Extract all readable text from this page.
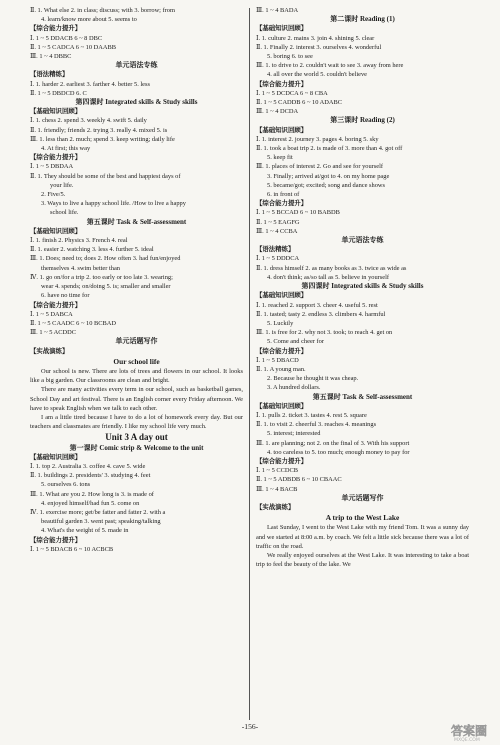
Ⅱ. 1. What else 2. in class; discuss; with 3. borrow; from
4. learn/know more about 5. seems to
【综合能力提升】
Ⅰ. 1 ~ 5 DDACB 6 ~ 8 DBC
Ⅱ. 1 ~ 5 CADCA 6 ~ 10 DAABB
Ⅲ. 1 ~ 4 DBBC
单元语法专练
【语法精练】
Ⅰ. 1. harder 2. earliest 3. farther 4. better 5. less
Ⅱ. 1 ~ 5 DBDCD 6. C
第四课时 Integrated skills & Study skills
【基础知识回顾】
Ⅰ. 1. chess 2. spend 3. weekly 4. swift 5. daily
Ⅱ. 1. friendly; friends 2. trying 3. really 4. mixed 5. is
Ⅲ. 1. less than 2. much; spend 3. keep writing; daily life
4. At first; this way
【综合能力提升】
Ⅰ. 1 ~ 5 DBDAA
Ⅱ. 1. They should be some of the best and happiest days of
your life.
2. Five/5.
3. Ways to live a happy school life. /How to live a happy
school life.
第五课时 Task & Self-assessment
【基础知识回顾】
Ⅰ. 1. finish 2. Physics 3. French 4. real
Ⅱ. 1. easier 2. watching 3. less 4. further 5. ideal
Ⅲ. 1. Does; need to; does 2. How often 3. had fun/enjoyed
themselves 4. swim better than
Ⅳ. 1. go on/for a trip 2. too early or too late 3. wearing;
wear 4. spends; on/doing 5. is; smaller and smaller
6. have no time for
【综合能力提升】
Ⅰ. 1 ~ 5 DABCA
Ⅱ. 1 ~ 5 CAADC 6 ~ 10 BCBAD
Ⅲ. 1 ~ 5 ACDDC
单元话题写作
【实战演练】
Our school life
Our school is new. There are lots of trees and flowers in our school. It looks like a big garden. Our classrooms are clean and bright.
There are many activities every term in our school, such as basketball games, School Day and art festival. There is an English corner every Friday afternoon. We have to speak English when we talk to each other.
I am a little tired because I have to do a lot of homework every day. But our teachers and classmates are friendly. I like my school life very much.
Unit 3 A day out
第一课时 Comic strip & Welcome to the unit
【基础知识回顾】
Ⅰ. 1. top 2. Australia 3. coffee 4. cave 5. wide
Ⅱ. 1. buildings 2. presidents' 3. studying 4. feet
5. ourselves 6. tons
Ⅲ. 1. What are you 2. How long is 3. is made of
4. enjoyed himself/had fun 5. come on
Ⅳ. 1. exercise more; get/be fatter and fatter 2. with a
beautiful garden 3. went past; speaking/talking
4. What's the weight of 5. made in
【综合能力提升】
Ⅰ. 1 ~ 5 BDACB 6 ~ 10 ACBCB
Ⅲ. 1 ~ 4 BADA
第二课时 Reading (1)
【基础知识回顾】
Ⅰ. 1. culture 2. mains 3. join 4. shining 5. clear
Ⅱ. 1. Finally 2. interest 3. ourselves 4. wonderful
5. boring 6. to see
Ⅲ. 1. to drive to 2. couldn't wait to see 3. away from here
4. all over the world 5. couldn't believe
【综合能力提升】
Ⅰ. 1 ~ 5 DCDCA 6 ~ 8 CBA
Ⅱ. 1 ~ 5 CADDB 6 ~ 10 ADABC
Ⅲ. 1 ~ 4 DCDA
第三课时 Reading (2)
【基础知识回顾】
Ⅰ. 1. interest 2. journey 3. pages 4. boring 5. sky
Ⅱ. 1. took a boat trip 2. is made of 3. more than 4. got off
5. keep fit
Ⅲ. 1. places of interest 2. Go and see for yourself
3. Finally; arrived at/got to 4. on my home page
5. became/got; excited; song and dance shows
6. in front of
【综合能力提升】
Ⅰ. 1 ~ 5 BCCAD 6 ~ 10 BABDB
Ⅱ. 1 ~ 5 EAGFG
Ⅲ. 1 ~ 4 CCBA
单元语法专练
【语法精练】
Ⅰ. 1 ~ 5 DDDCA
Ⅱ. 1. dress himself 2. as many books as 3. twice as wide as
4. don't think; as/so tall as 5. believe in yourself
第四课时 Integrated skills & Study skills
【基础知识回顾】
Ⅰ. 1. reached 2. support 3. cheer 4. useful 5. rest
Ⅱ. 1. tasted; tasty 2. endless 3. climbers 4. harmful
5. Luckily
Ⅲ. 1. is free for 2. why not 3. took; to reach 4. get on
5. Come and cheer for
【综合能力提升】
Ⅰ. 1 ~ 5 DBACD
Ⅱ. 1. A young man.
2. Because he thought it was cheap.
3. A hundred dollars.
第五课时 Task & Self-assessment
【基础知识回顾】
Ⅰ. 1. pulls 2. ticket 3. tastes 4. rest 5. square
Ⅱ. 1. to visit 2. cheerful 3. reaches 4. meanings
5. interest; interested
Ⅲ. 1. are planning; not 2. on the final of 3. With his support
4. too careless to 5. too much; enough money to pay for
【综合能力提升】
Ⅰ. 1 ~ 5 CCDCB
Ⅱ. 1 ~ 5 ADBDB 6 ~ 10 CBAAC
Ⅲ. 1 ~ 4 BACB
单元话题写作
【实战演练】
A trip to the West Lake
Last Sunday, I went to the West Lake with my friend Tom. It was a sunny day and we started at 8:00 a.m. by coach. We felt a little sick because there was a lot of traffic on the road.
We really enjoyed ourselves at the West Lake. It was interesting to take a boat trip to feel the beauty of the lake. We
-156-	答案圈
MXQE.COM
